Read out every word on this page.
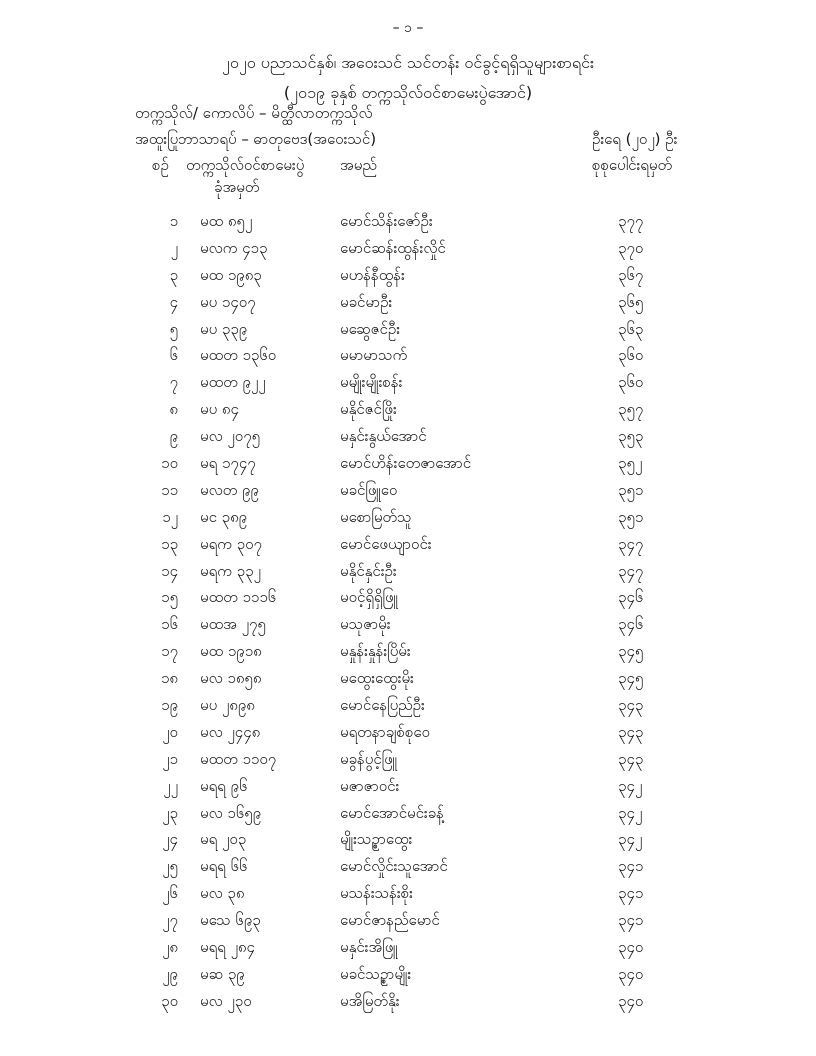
– ၁ –
၂၀၂၀ ပညာသင်နှစ်၊ အဝေးသင် သင်တန်း ဝင်ခွင့်ရရှိသူများစာရင်း
(၂၀၁၉ ခုနှစ် တက္ကသိုလ်ဝင်စာမေးပွဲအောင်)
တက္ကသိုလ်/ ကောလိပ် – မိတ္ထီလာတက္ကသိုလ်
အထူးပြုဘာသာရပ် – ဓာတုဗေဒ(အဝေးသင်)	ဦးရေ (၂၀၂) ဦး
စဉ် တက္ကသိုလ်ဝင်စာမေးပွဲ
ခုံအမှတ်
အမည်	စုစုပေါင်းရမှတ်
၁ မထ ၈၅၂	မောင်သိန်းဇော်ဦး	၃၇၇
၂ မလက ၄၁၃	မောင်ဆန်းထွန်းလှိုင်	၃၇၀
၃ မထ ၁၉၈၃	မဟန်နီထွန်း	၃၆၇
၄ မပ ၁၄၀၇	မခင်မာဦး	၃၆၅
၅ မပ ၃၃၉	မဆွေဇင်ဦး	၃၆၃
၆ မထတ ၁၃၆၀	မမာမာသက်	၃၆၀
၇ မထတ ၉၂၂	မမျိုးမျိုးစန်း	၃၆၀
၈ မပ ၈၄	မနိုင်ဇင်ဖြိုး	၃၅၇
၉ မလ ၂၀၇၅	မနှင်းနွယ်အောင်	၃၅၃
၁၀ မရ ၁၇၄၇	မောင်ဟိန်းတေဇာအောင်	၃၅၂
၁၁ မလတ ၉၉	မခင်ဖြူဝေ	၃၅၁
၁၂ မင ၃၈၉	မစောမြတ်သူ	၃၅၁
၁၃ မရက ၃၀၇	မောင်ဖေယျာဝင်း	၃၄၇
၁၄ မရက ၃၃၂	မနိုင်နှင်းဦး	၃၄၇
၁၅ မထတ ၁၁၁၆	မဝင့်ရှိရှိဖြူ	၃၄၆
၁၆ မထအ ၂၇၅	မသုဇာမိုး	၃၄၆
၁၇ မထ ၁၉၁၈	မနှုန်းနှုန်းပြိမ်း	၃၄၅
၁၈ မလ ၁၈၅၈	မထွေးထွေးမိုး	၃၄၅
၁၉ မပ ၂၈၉၈	မောင်နေပြည်ဦး	၃၄၃
၂၀ မလ ၂၄၄၈	မရတနာချစ်စုဝေ	၃၄၃
၂၁ မထတ ၁၁၀၇	မခွန်ပွင့်ဖြူ	၃၄၃
၂၂ မရရ ၉၆	မဇာဇာဝင်း	၃၄၂
၂၃ မလ ၁၆၅၉	မောင်အောင်မင်းခန့်	၃၄၂
၂၄ မရ ၂၀၃	မျိုးသဥ္စာထွေး	၃၄၂
၂၅ မရရ ၆၆	မောင်လှိုင်းသူအောင်	၃၄၁
၂၆ မလ ၃၈	မသန်းသန်းစိုး	၃၄၁
၂၇ မသေ ၆၉၃	မောင်ဇာနည်မောင်	၃၄၁
၂၈ မရရ ၂၈၄	မနှင်းအိဖြူ	၃၄၀
၂၉ မဆ ၃၉	မခင်သဉ္စာမျိုး	၃၄၀
၃၀ မလ ၂၃၀	မအိမြတ်နိုး	၃၄၀
